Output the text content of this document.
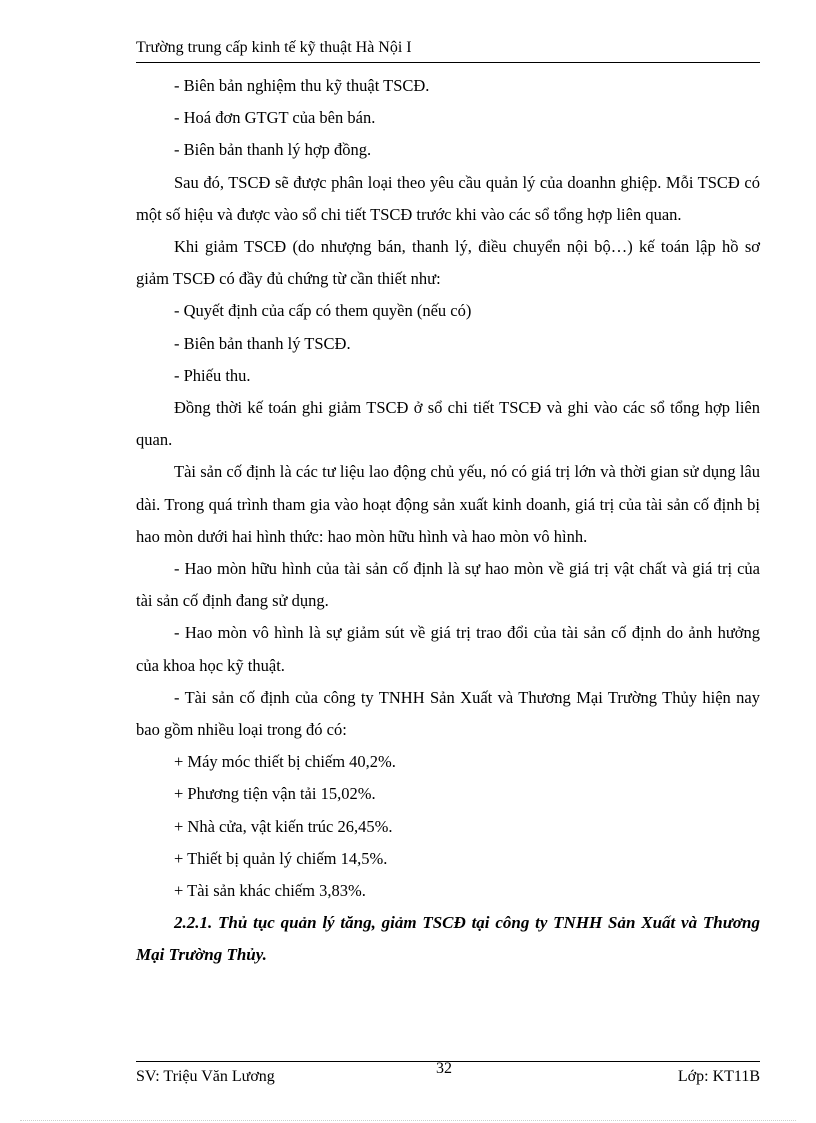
Trường trung cấp kinh tế kỹ thuật Hà Nội I

- Biên bản nghiệm thu kỹ thuật TSCĐ.

- Hoá đơn GTGT của bên bán.

- Biên bản thanh lý hợp đồng.

Sau đó, TSCĐ sẽ được phân loại theo yêu cầu quản lý của doanhn ghiệp. Mỗi TSCĐ có một số hiệu và được vào sổ chi tiết TSCĐ trước khi vào các sổ tổng hợp liên quan.

Khi giảm TSCĐ (do nhượng bán, thanh lý, điều chuyển nội bộ…) kế toán lập hồ sơ giảm TSCĐ có đầy đủ chứng từ cần thiết như:

- Quyết định của cấp có them quyền (nếu có)

- Biên bản thanh lý TSCĐ.

- Phiếu thu.

Đồng thời kế toán ghi giảm TSCĐ ở sổ chi tiết TSCĐ và ghi vào các sổ tổng hợp liên quan.

Tài sản cố định là các tư liệu lao động chủ yếu, nó có giá trị lớn và thời gian sử dụng lâu dài. Trong quá trình tham gia vào hoạt động sản xuất kinh doanh, giá trị của tài sản cố định bị hao mòn dưới hai hình thức: hao mòn hữu hình và hao mòn vô hình.

- Hao mòn hữu hình của tài sản cố định là sự hao mòn về giá trị vật chất và giá trị của tài sản cố định đang sử dụng.

- Hao mòn vô hình là sự giảm sút về giá trị trao đổi của tài sản cố định do ảnh hưởng của khoa học kỹ thuật.

- Tài sản cố định của công ty TNHH Sản Xuất và Thương Mại Trường Thủy hiện nay bao gồm nhiều loại trong đó có:

+ Máy móc thiết bị chiếm 40,2%.

+ Phương tiện vận tải 15,02%.

+ Nhà cửa, vật kiến trúc 26,45%.

+ Thiết bị quản lý chiếm 14,5%.

+ Tài sản khác chiếm 3,83%.

2.2.1. Thủ tục quản lý tăng, giảm TSCĐ tại công ty TNHH Sản Xuất và Thương Mại Trường Thủy.

SV: Triệu Văn Lương	32	Lớp: KT11B
